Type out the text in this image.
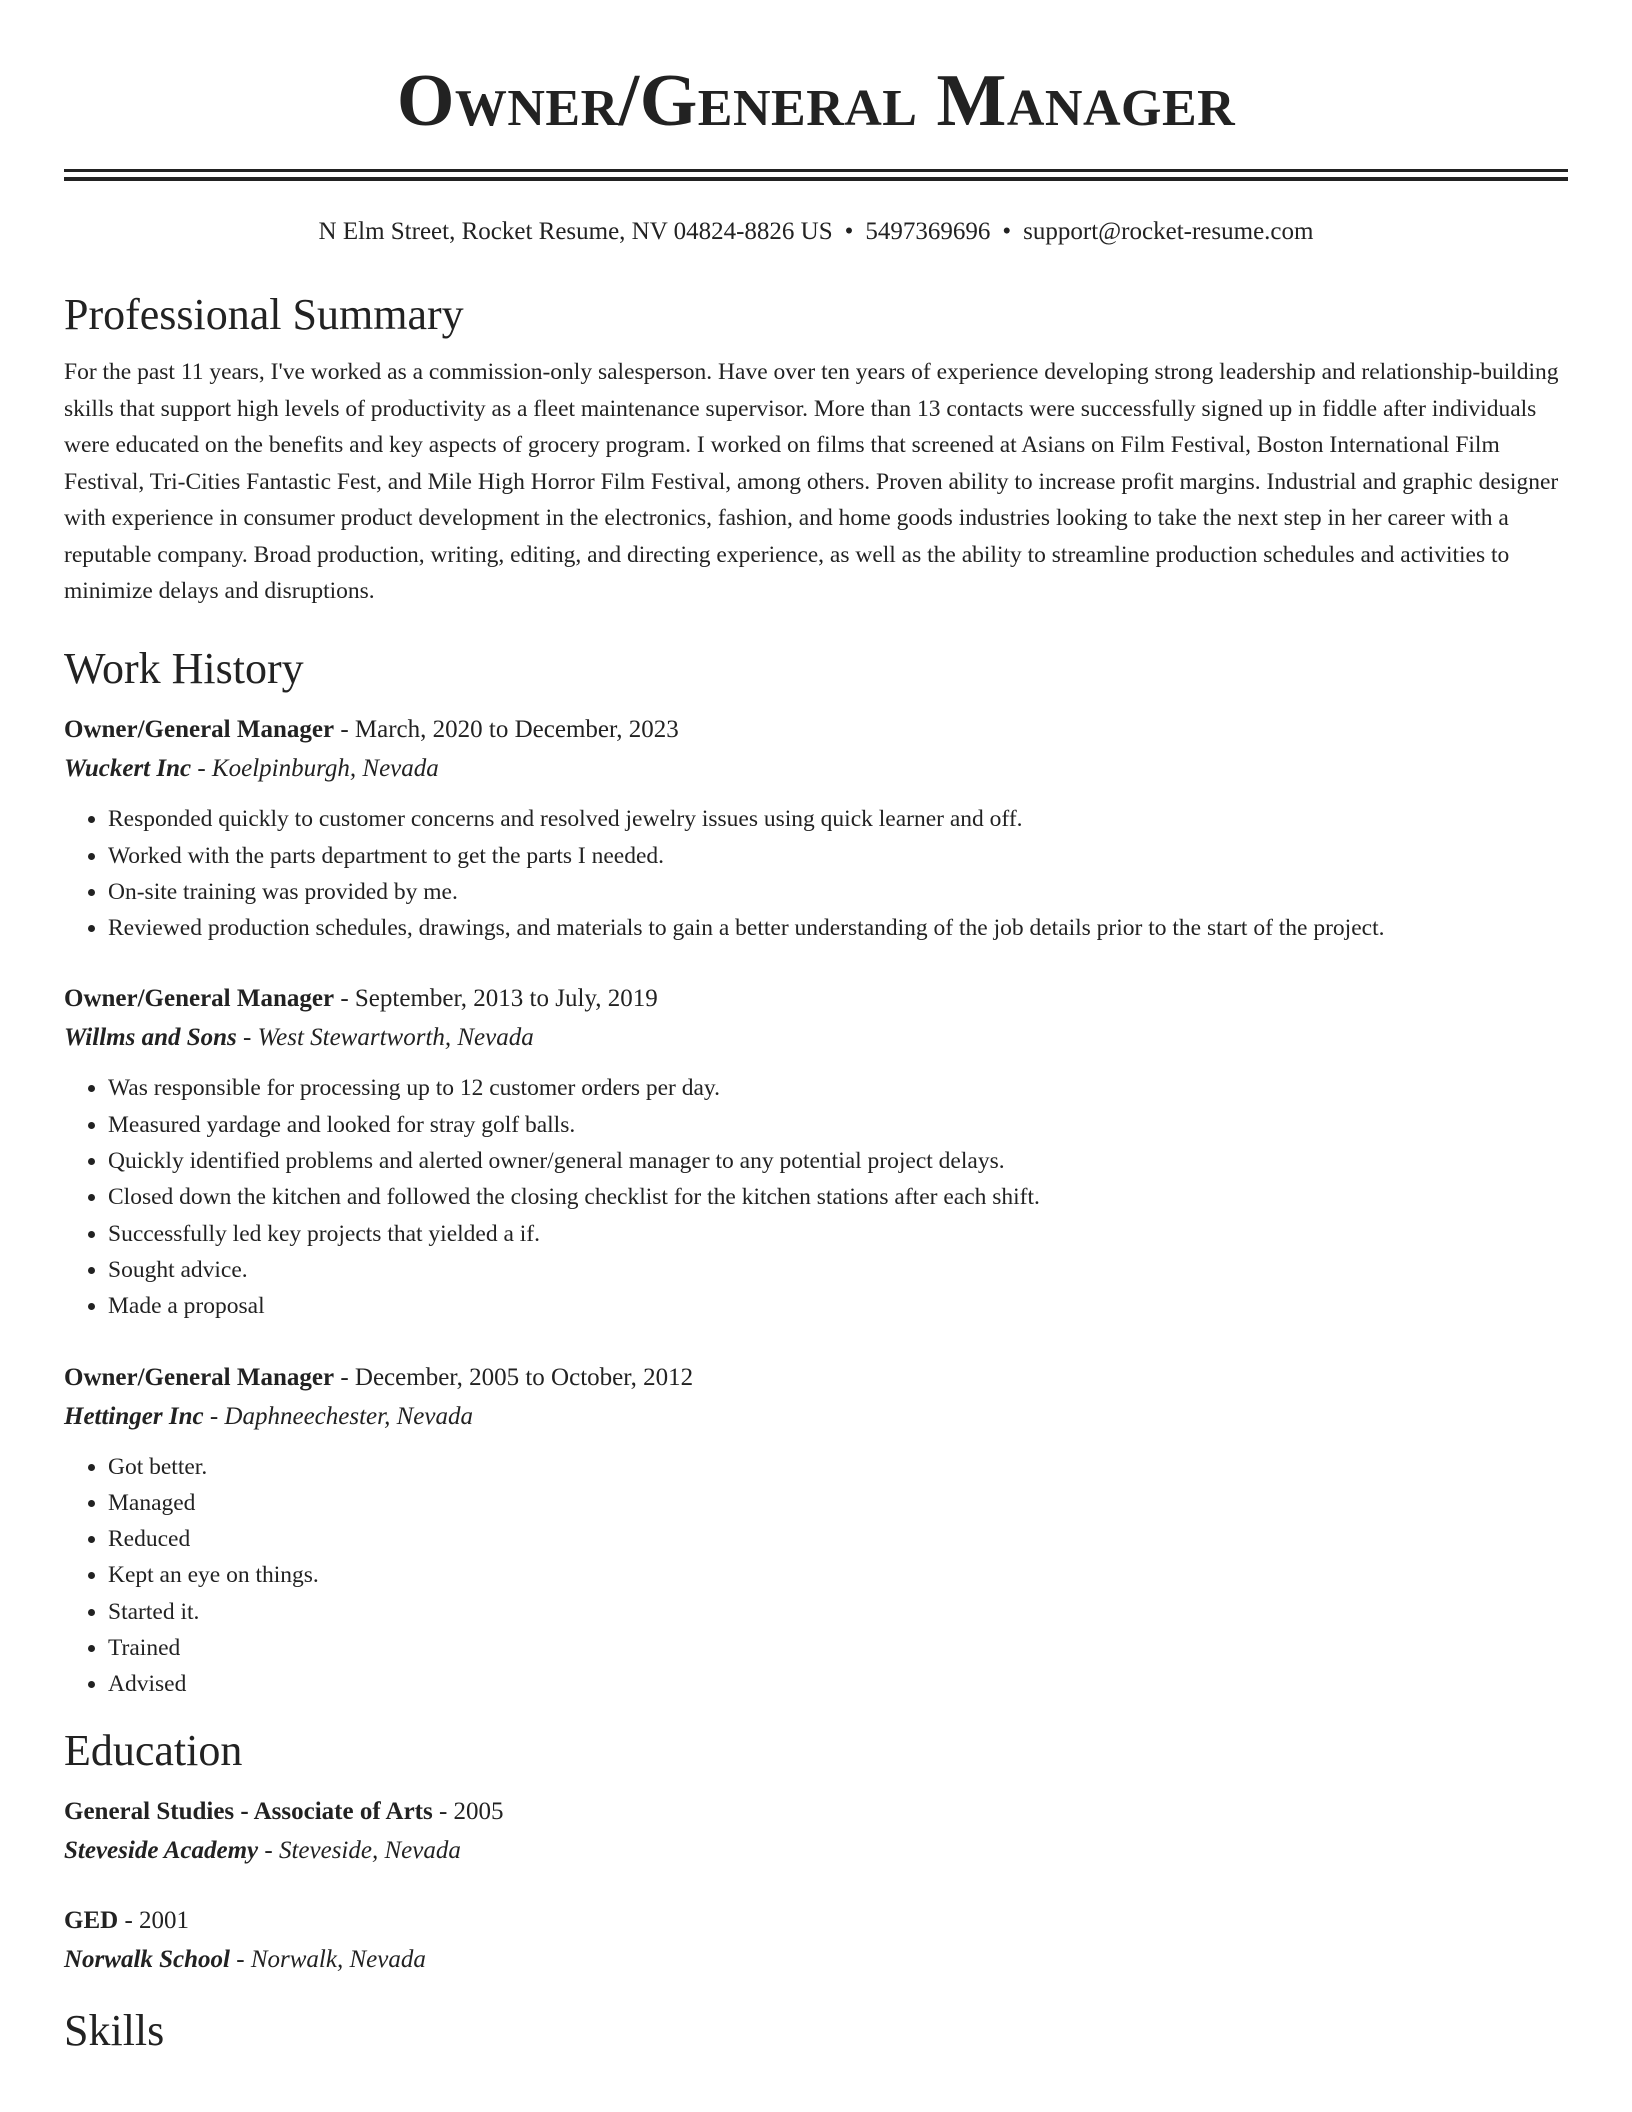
Owner/General Manager
N Elm Street, Rocket Resume, NV 04824-8826 US • 5497369696 • support@rocket-resume.com
Professional Summary
For the past 11 years, I've worked as a commission-only salesperson. Have over ten years of experience developing strong leadership and relationship-building skills that support high levels of productivity as a fleet maintenance supervisor. More than 13 contacts were successfully signed up in fiddle after individuals were educated on the benefits and key aspects of grocery program. I worked on films that screened at Asians on Film Festival, Boston International Film Festival, Tri-Cities Fantastic Fest, and Mile High Horror Film Festival, among others. Proven ability to increase profit margins. Industrial and graphic designer with experience in consumer product development in the electronics, fashion, and home goods industries looking to take the next step in her career with a reputable company. Broad production, writing, editing, and directing experience, as well as the ability to streamline production schedules and activities to minimize delays and disruptions.
Work History
Owner/General Manager - March, 2020 to December, 2023
Wuckert Inc - Koelpinburgh, Nevada
• Responded quickly to customer concerns and resolved jewelry issues using quick learner and off.
• Worked with the parts department to get the parts I needed.
• On-site training was provided by me.
• Reviewed production schedules, drawings, and materials to gain a better understanding of the job details prior to the start of the project.
Owner/General Manager - September, 2013 to July, 2019
Willms and Sons - West Stewartworth, Nevada
• Was responsible for processing up to 12 customer orders per day.
• Measured yardage and looked for stray golf balls.
• Quickly identified problems and alerted owner/general manager to any potential project delays.
• Closed down the kitchen and followed the closing checklist for the kitchen stations after each shift.
• Successfully led key projects that yielded a if.
• Sought advice.
• Made a proposal
Owner/General Manager - December, 2005 to October, 2012
Hettinger Inc - Daphneechester, Nevada
• Got better.
• Managed
• Reduced
• Kept an eye on things.
• Started it.
• Trained
• Advised
Education
General Studies - Associate of Arts - 2005
Steveside Academy - Steveside, Nevada
GED - 2001
Norwalk School - Norwalk, Nevada
Skills
